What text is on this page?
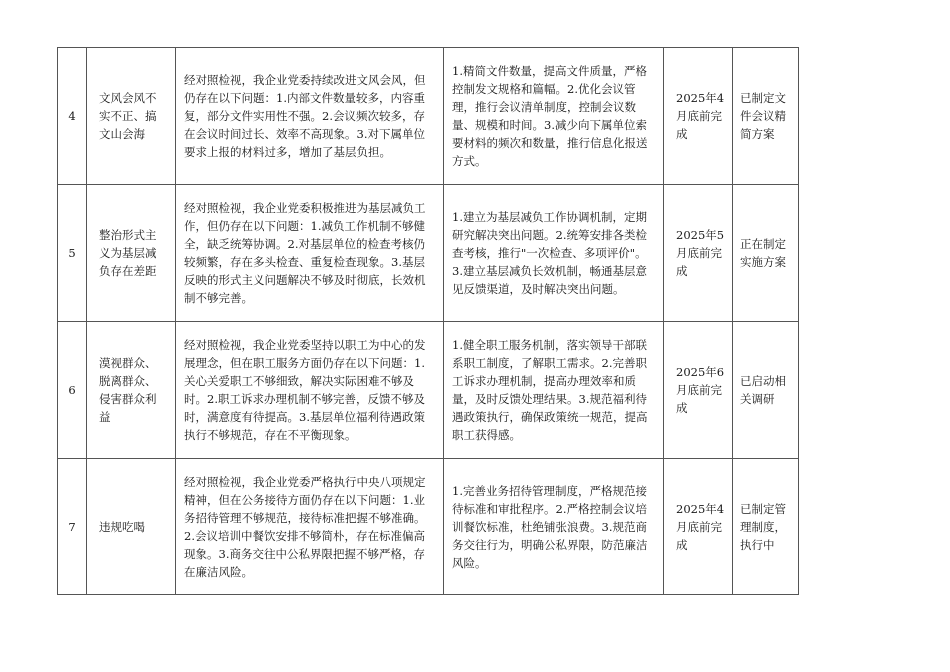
4	文风会风不实不正、搞文山会海	经对照检视，我企业党委持续改进文风会风，但仍存在以下问题：1.内部文件数量较多，内容重复，部分文件实用性不强。2.会议频次较多，存在会议时间过长、效率不高现象。3.对下属单位要求上报的材料过多，增加了基层负担。	1.精简文件数量，提高文件质量，严格控制发文规格和篇幅。2.优化会议管理，推行会议清单制度，控制会议数量、规模和时间。3.减少向下属单位索要材料的频次和数量，推行信息化报送方式。	2025年4月底前完成	已制定文件会议精简方案
5	整治形式主义为基层减负存在差距	经对照检视，我企业党委积极推进为基层减负工作，但仍存在以下问题：1.减负工作机制不够健全，缺乏统筹协调。2.对基层单位的检查考核仍较频繁，存在多头检查、重复检查现象。3.基层反映的形式主义问题解决不够及时彻底，长效机制不够完善。	1.建立为基层减负工作协调机制，定期研究解决突出问题。2.统筹安排各类检查考核，推行"一次检查、多项评价"。3.建立基层减负长效机制，畅通基层意见反馈渠道，及时解决突出问题。	2025年5月底前完成	正在制定实施方案
6	漠视群众、脱离群众、侵害群众利益	经对照检视，我企业党委坚持以职工为中心的发展理念，但在职工服务方面仍存在以下问题：1.关心关爱职工不够细致，解决实际困难不够及时。2.职工诉求办理机制不够完善，反馈不够及时，满意度有待提高。3.基层单位福利待遇政策执行不够规范，存在不平衡现象。	1.健全职工服务机制，落实领导干部联系职工制度，了解职工需求。2.完善职工诉求办理机制，提高办理效率和质量，及时反馈处理结果。3.规范福利待遇政策执行，确保政策统一规范，提高职工获得感。	2025年6月底前完成	已启动相关调研
7	违规吃喝	经对照检视，我企业党委严格执行中央八项规定精神，但在公务接待方面仍存在以下问题：1.业务招待管理不够规范，接待标准把握不够准确。2.会议培训中餐饮安排不够简朴，存在标准偏高现象。3.商务交往中公私界限把握不够严格，存在廉洁风险。	1.完善业务招待管理制度，严格规范接待标准和审批程序。2.严格控制会议培训餐饮标准，杜绝铺张浪费。3.规范商务交往行为，明确公私界限，防范廉洁风险。	2025年4月底前完成	已制定管理制度，执行中
